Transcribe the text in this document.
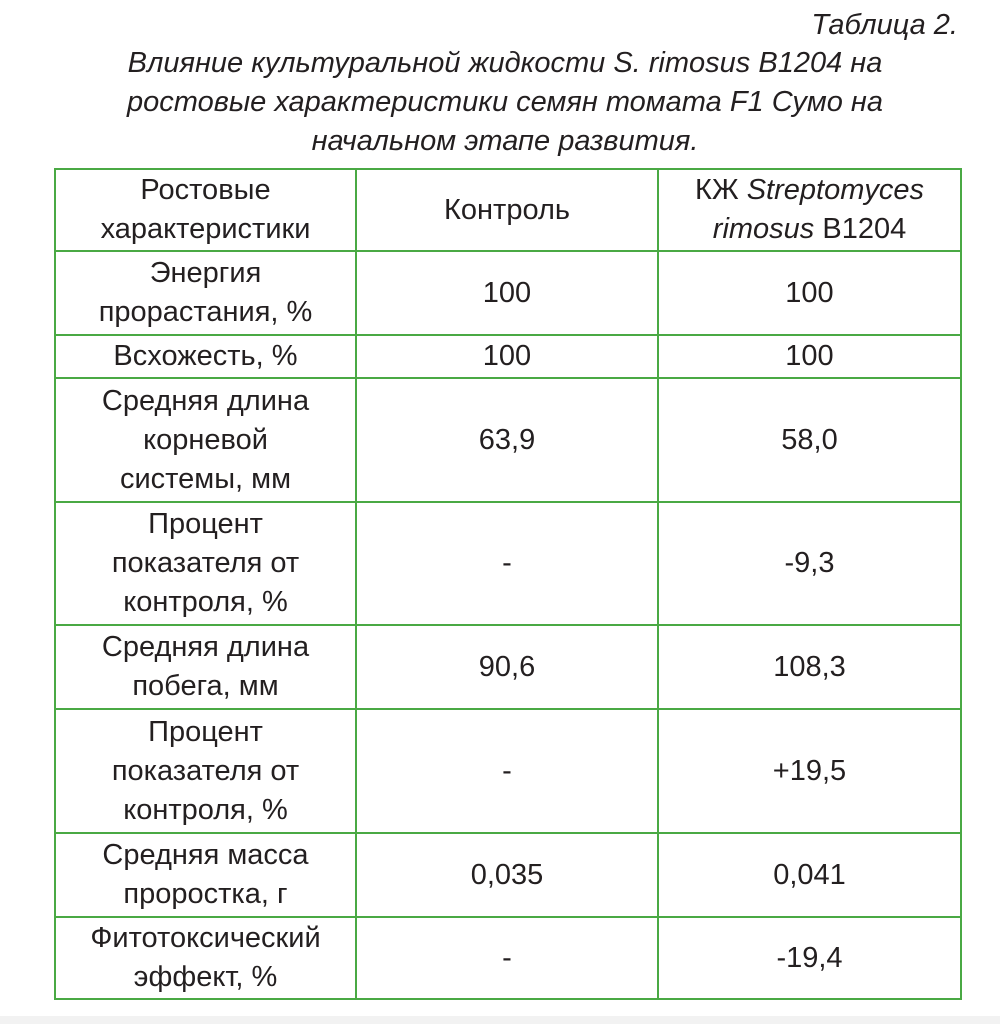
Таблица 2.
Влияние культуральной жидкости S. rimosus B1204 на
ростовые характеристики семян томата F1 Сумо на
начальном этапе развития.
Ростовые
характеристики	Контроль	КЖ Streptomyces
rimosus B1204
Энергия
прорастания, %	100	100
Всхожесть, %	100	100
Средняя длина
корневой
системы, мм	63,9	58,0
Процент
показателя от
контроля, %	-	-9,3
Средняя длина
побега, мм	90,6	108,3
Процент
показателя от
контроля, %	-	+19,5
Средняя масса
проростка, г	0,035	0,041
Фитотоксический
эффект, %	-	-19,4
